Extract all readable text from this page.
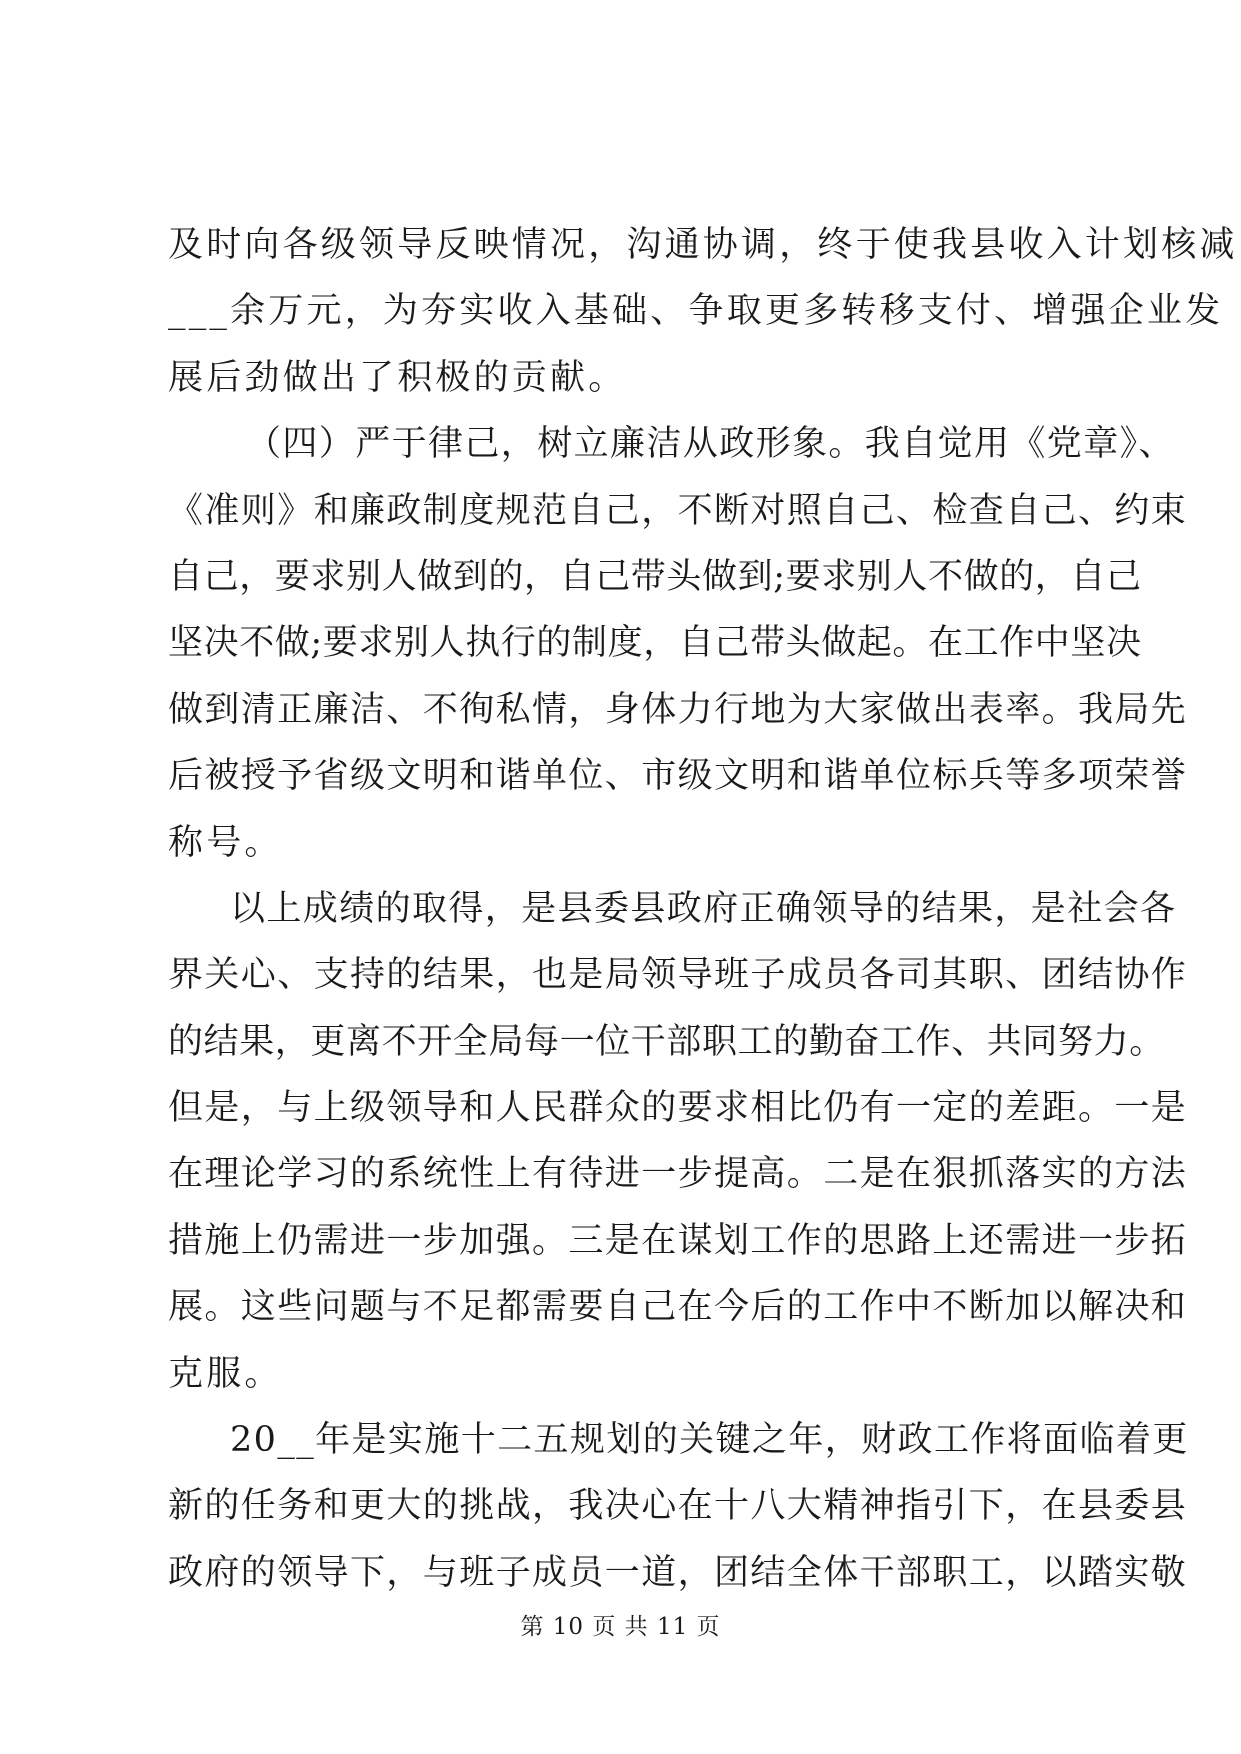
及时向各级领导反映情况，沟通协调，终于使我县收入计划核减
___余万元，为夯实收入基础、争取更多转移支付、增强企业发
展后劲做出了积极的贡献。
（四）严于律己，树立廉洁从政形象。我自觉用《党章》、
《准则》和廉政制度规范自己，不断对照自己、检查自己、约束
自己，要求别人做到的，自己带头做到;要求别人不做的，自己
坚决不做;要求别人执行的制度，自己带头做起。在工作中坚决
做到清正廉洁、不徇私情，身体力行地为大家做出表率。我局先
后被授予省级文明和谐单位、市级文明和谐单位标兵等多项荣誉
称号。
以上成绩的取得，是县委县政府正确领导的结果，是社会各
界关心、支持的结果，也是局领导班子成员各司其职、团结协作
的结果，更离不开全局每一位干部职工的勤奋工作、共同努力。
但是，与上级领导和人民群众的要求相比仍有一定的差距。一是
在理论学习的系统性上有待进一步提高。二是在狠抓落实的方法
措施上仍需进一步加强。三是在谋划工作的思路上还需进一步拓
展。这些问题与不足都需要自己在今后的工作中不断加以解决和
克服。
20__年是实施十二五规划的关键之年，财政工作将面临着更
新的任务和更大的挑战，我决心在十八大精神指引下，在县委县
政府的领导下，与班子成员一道，团结全体干部职工，以踏实敬
第 10 页 共 11 页
